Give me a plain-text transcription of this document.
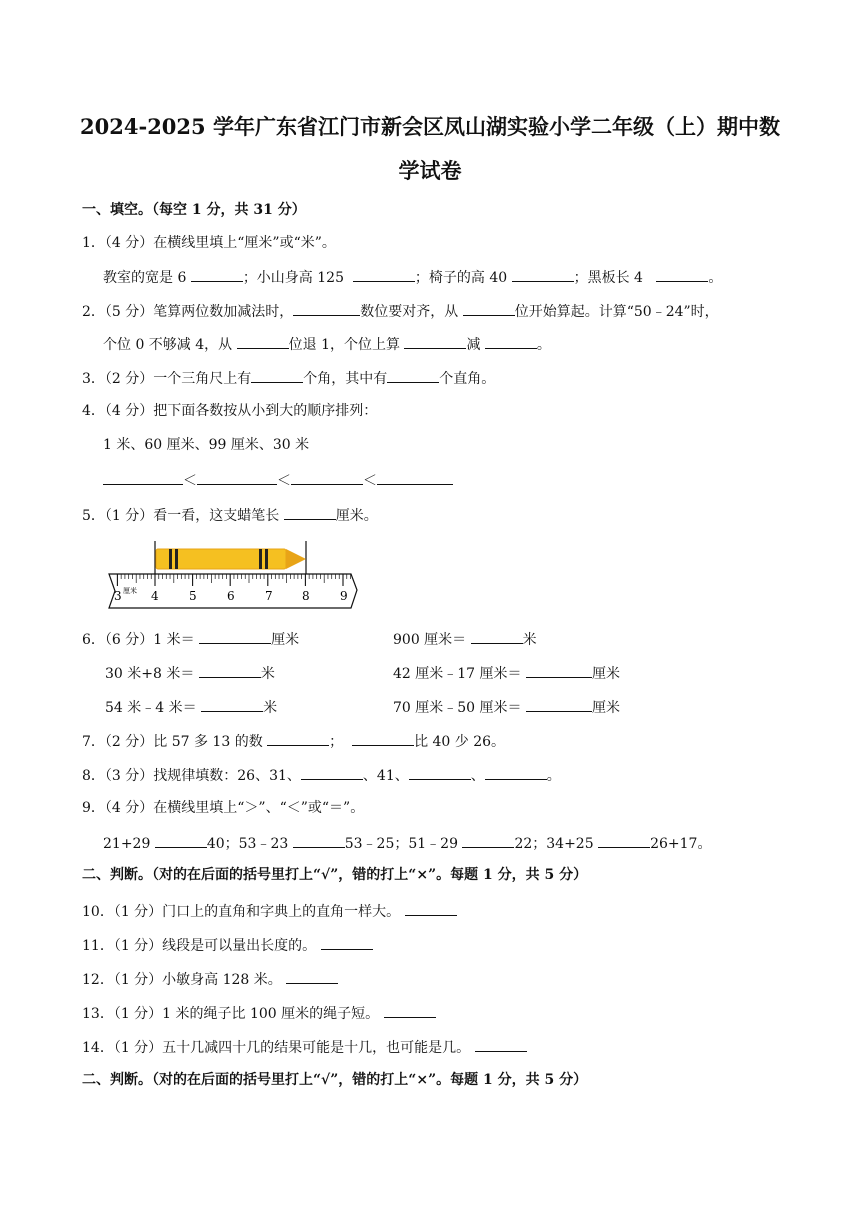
2024-2025 学年广东省江门市新会区凤山湖实验小学二年级（上）期中数
学试卷
一、填空。（每空 1 分，共 31 分）
1．（4 分）在横线里填上“厘米”或“米”。
教室的宽是 6	；小山身高 125	；椅子的高 40	；黑板长 4	。
2．（5 分）笔算两位数加减法时，	数位要对齐，从	位开始算起。计算“50﹣24”时，
个位 0 不够减 4，从	位退 1，个位上算	减	。
3．（2 分）一个三角尺上有	个角，其中有	个直角。
4．（4 分）把下面各数按从小到大的顺序排列：
1 米、60 厘米、99 厘米、30 米
＜	＜	＜
5．（1 分）看一看，这支蜡笔长	厘米。
3 厘米 4	5	6	7 8	9
6．（6 分）1 米＝	厘米	900 厘米＝	米
30 米+8 米＝	米	42 厘米﹣17 厘米＝	厘米
54 米﹣4 米＝	米	70 厘米﹣50 厘米＝	厘米
7．（2 分）比 57 多 13 的数	；	比 40 少 26。
8．（3 分）找规律填数：26、31、	、41、	、	。
9．（4 分）在横线里填上“＞”、“＜”或“＝”。
21+29	40；53﹣23	53﹣25；51﹣29	22；34+25	26+17。
二、判断。（对的在后面的括号里打上“√”，错的打上“×”。每题 1 分，共 5 分）
10．（1 分）门口上的直角和字典上的直角一样大。
11．（1 分）线段是可以量出长度的。
12．（1 分）小敏身高 128 米。
13．（1 分）1 米的绳子比 100 厘米的绳子短。
14．（1 分）五十几减四十几的结果可能是十几，也可能是几。
二、判断。（对的在后面的括号里打上“√”，错的打上“×”。每题 1 分，共 5 分）
